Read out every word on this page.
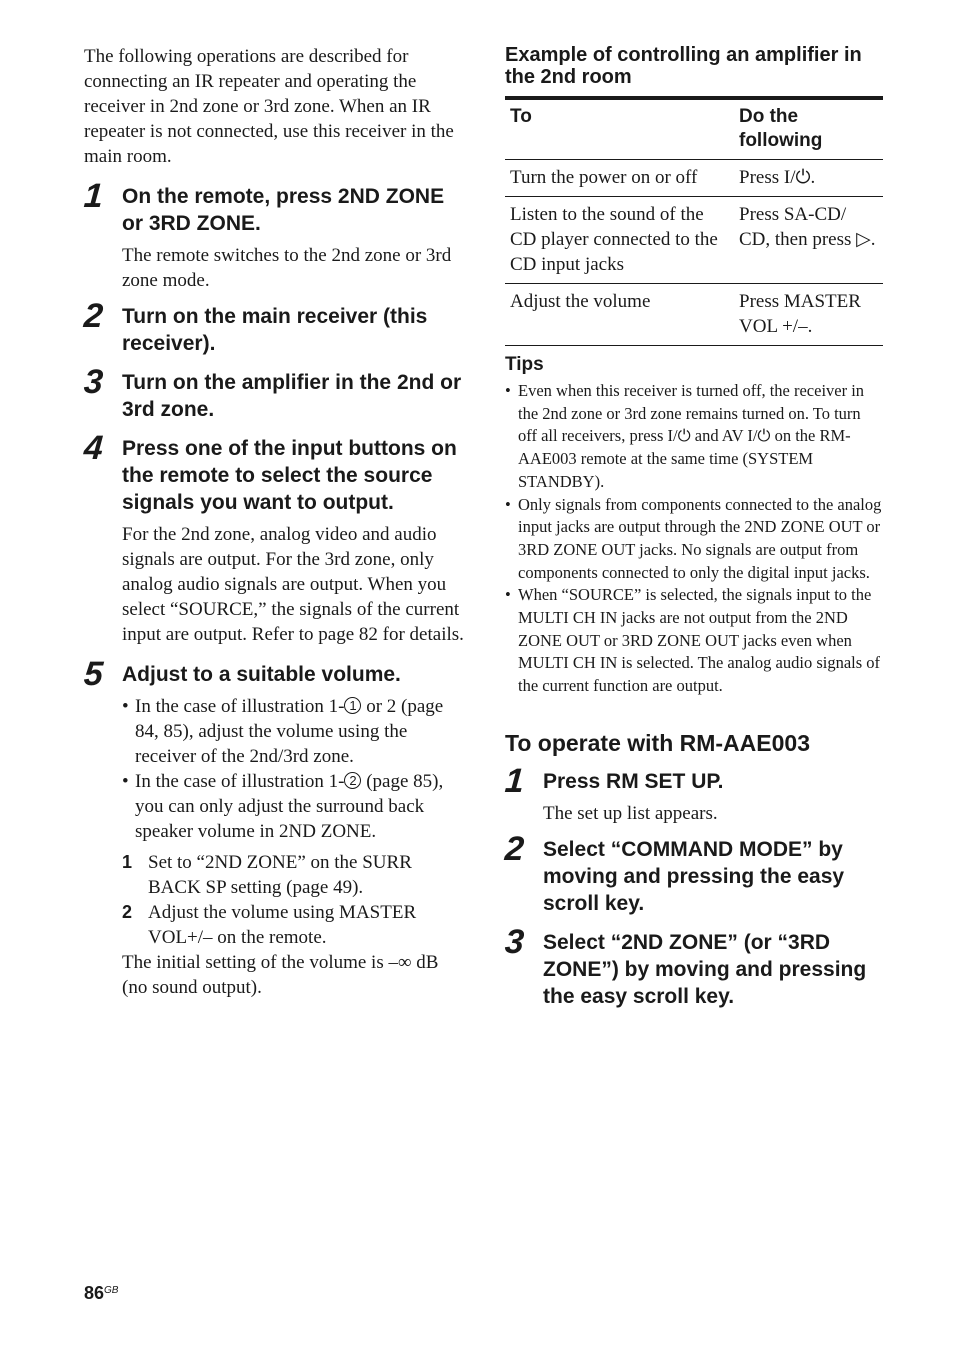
The following operations are described for connecting an IR repeater and operating the receiver in 2nd zone or 3rd zone. When an IR repeater is not connected, use this receiver in the main room.

1 On the remote, press 2ND ZONE or 3RD ZONE.

The remote switches to the 2nd zone or 3rd zone mode.

2 Turn on the main receiver (this receiver).

3 Turn on the amplifier in the 2nd or 3rd zone.

4 Press one of the input buttons on the remote to select the source signals you want to output.

For the 2nd zone, analog video and audio signals are output. For the 3rd zone, only analog audio signals are output. When you select “SOURCE,” the signals of the current input are output. Refer to page 82 for details.

5 Adjust to a suitable volume.

• In the case of illustration 1- 1 or 2 (page 84, 85), adjust the volume using the receiver of the 2nd/3rd zone.
• In the case of illustration 1- 2 (page 85), you can only adjust the surround back speaker volume in 2ND ZONE.
1 Set to “2ND ZONE” on the SURR BACK SP setting (page 49).
2 Adjust the volume using MASTER VOL+/– on the remote.

The initial setting of the volume is –∞ dB (no sound output).

Example of controlling an amplifier in the 2nd room

To	Do the following
Turn the power on or off	Press I/⏻.
Listen to the sound of the CD player connected to the CD input jacks	Press SA-CD/ CD, then press ▷.
Adjust the volume	Press MASTER VOL +/–.

Tips

• Even when this receiver is turned off, the receiver in the 2nd zone or 3rd zone remains turned on. To turn off all receivers, press I/⏻ and AV I/⏻ on the RM-AAE003 remote at the same time (SYSTEM STANDBY).
• Only signals from components connected to the analog input jacks are output through the 2ND ZONE OUT or 3RD ZONE OUT jacks. No signals are output from components connected to only the digital input jacks.
• When “SOURCE” is selected, the signals input to the MULTI CH IN jacks are not output from the 2ND ZONE OUT or 3RD ZONE OUT jacks even when MULTI CH IN is selected. The analog audio signals of the current function are output.

To operate with RM-AAE003

1 Press RM SET UP.

The set up list appears.

2 Select “COMMAND MODE” by moving and pressing the easy scroll key.

3 Select “2ND ZONE” (or “3RD ZONE”) by moving and pressing the easy scroll key.

$86^{GB}$
